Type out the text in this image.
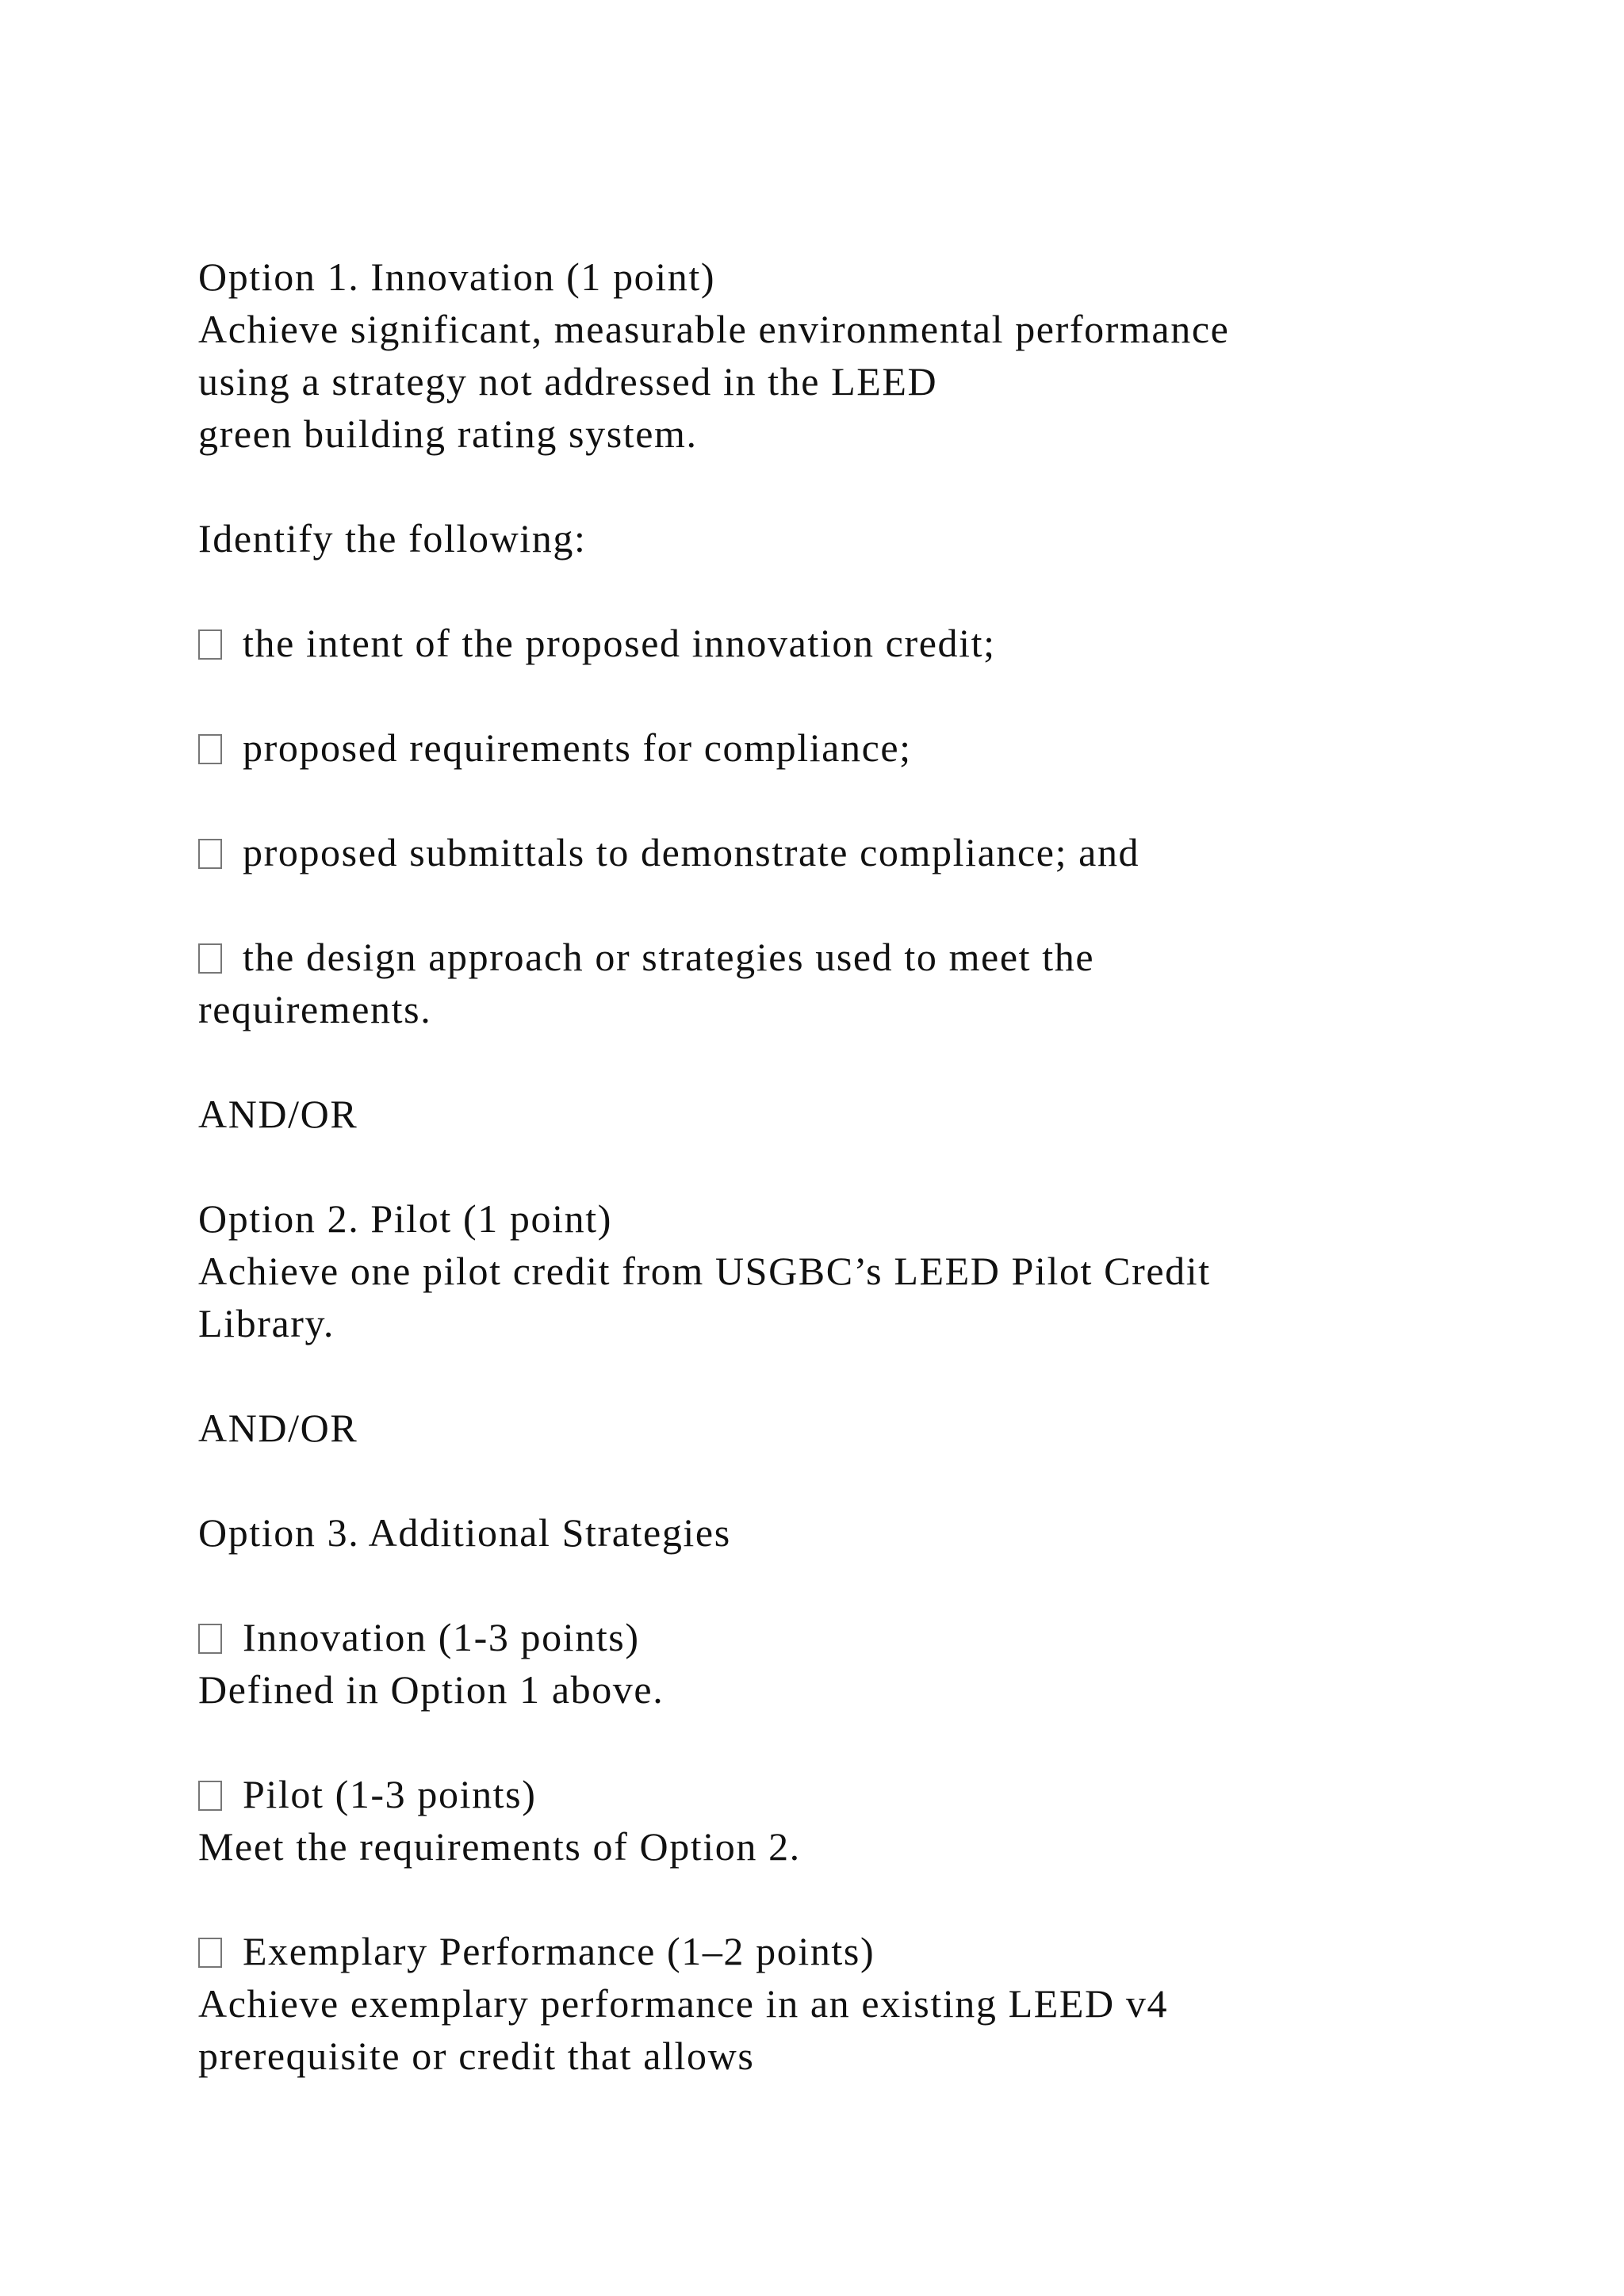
Option 1. Innovation (1 point)
Achieve significant, measurable environmental performance
using a strategy not addressed in the LEED
green building rating system.
Identify the following:
the intent of the proposed innovation credit;
proposed requirements for compliance;
proposed submittals to demonstrate compliance; and
the design approach or strategies used to meet the
requirements.
AND/OR
Option 2. Pilot (1 point)
Achieve one pilot credit from USGBC’s LEED Pilot Credit
Library.
AND/OR
Option 3. Additional Strategies
Innovation (1-3 points)
Defined in Option 1 above.
Pilot (1-3 points)
Meet the requirements of Option 2.
Exemplary Performance (1–2 points)
Achieve exemplary performance in an existing LEED v4
prerequisite or credit that allows
